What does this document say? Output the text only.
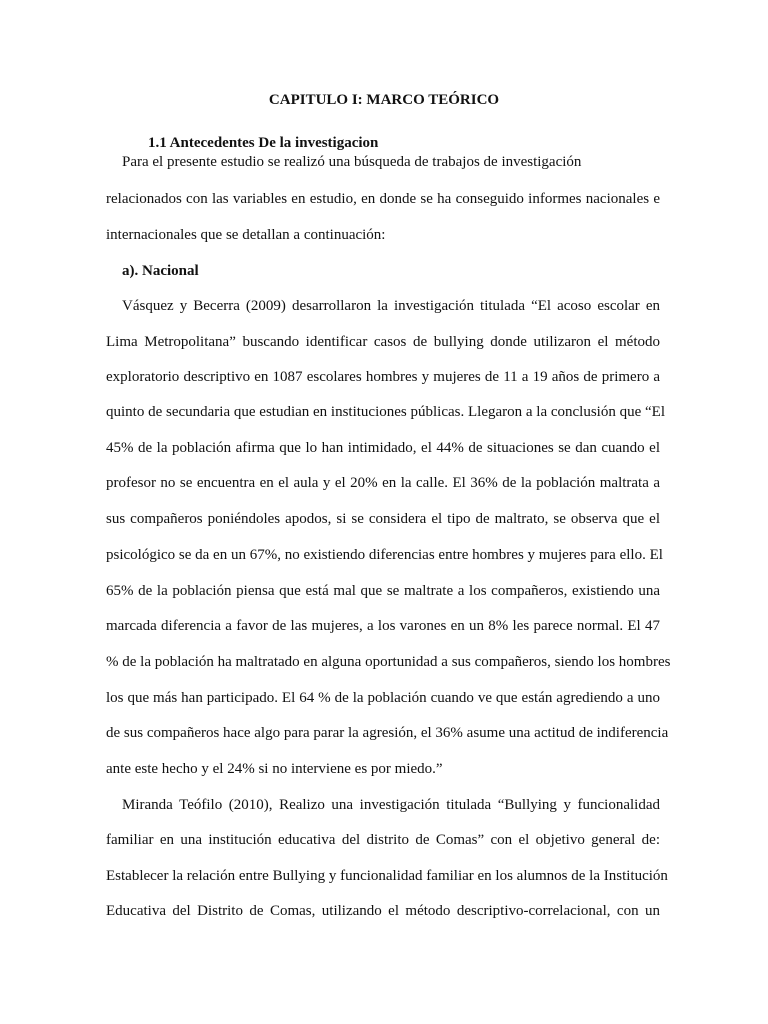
CAPITULO I: MARCO TEÓRICO
1.1 Antecedentes De la investigacion
Para el presente estudio se realizó una búsqueda de trabajos de investigación
relacionados con las variables en estudio, en donde se ha conseguido informes nacionales e
internacionales que se detallan a continuación:
a). Nacional
Vásquez y Becerra (2009) desarrollaron la investigación titulada “El acoso escolar en
Lima Metropolitana” buscando identificar casos de bullying donde utilizaron el método
exploratorio descriptivo en 1087 escolares hombres y mujeres de 11 a 19 años de primero a
quinto de secundaria que estudian en instituciones públicas. Llegaron a la conclusión que “El
45% de la población afirma que lo han intimidado, el 44% de situaciones se dan cuando el
profesor no se encuentra en el aula y el 20% en la calle. El 36% de la población maltrata a
sus compañeros poniéndoles apodos, si se considera el tipo de maltrato, se observa que el
psicológico se da en un 67%, no existiendo diferencias entre hombres y mujeres para ello. El
65% de la población piensa que está mal que se maltrate a los compañeros, existiendo una
marcada diferencia a favor de las mujeres, a los varones en un 8% les parece normal. El 47
% de la población ha maltratado en alguna oportunidad a sus compañeros, siendo los hombres
los que más han participado. El 64 % de la población cuando ve que están agrediendo a uno
de sus compañeros hace algo para parar la agresión, el 36% asume una actitud de indiferencia
ante este hecho y el 24% si no interviene es por miedo.”
Miranda Teófilo (2010), Realizo una investigación titulada “Bullying y funcionalidad
familiar en una institución educativa del distrito de Comas” con el objetivo general de:
Establecer la relación entre Bullying y funcionalidad familiar en los alumnos de la Institución
Educativa del Distrito de Comas, utilizando el método descriptivo-correlacional, con un
